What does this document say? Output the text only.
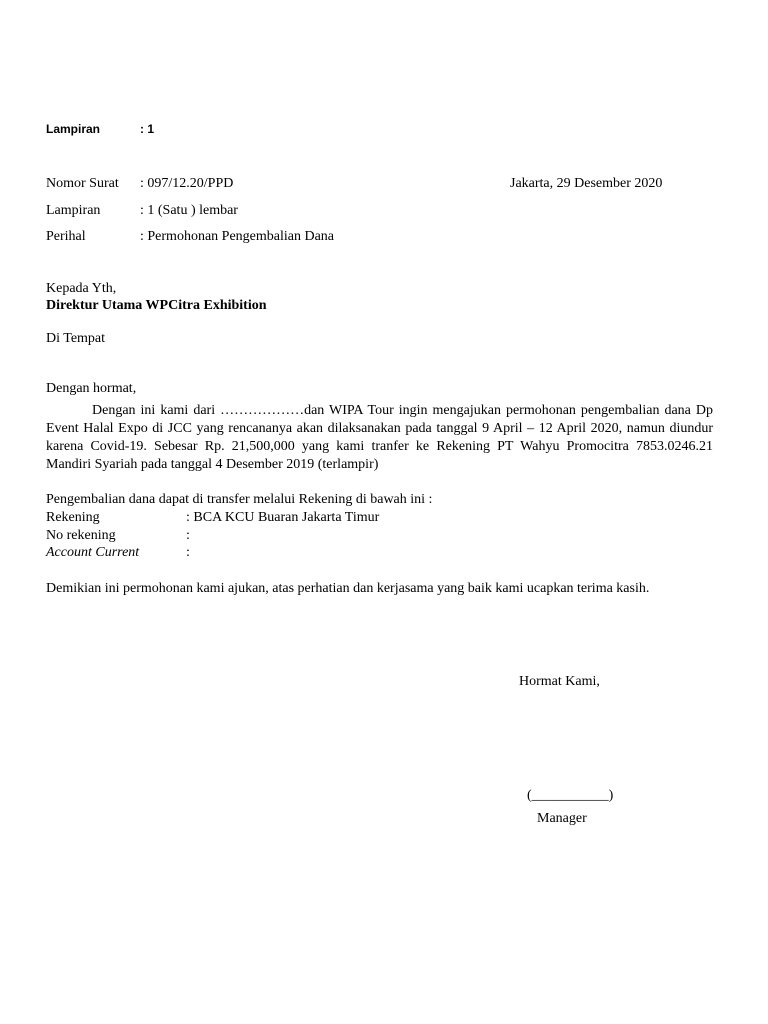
Lampiran	: 1
Nomor Surat : 097/12.20/PPD	Jakarta, 29 Desember 2020
Lampiran	: 1 (Satu ) lembar
Perihal	: Permohonan Pengembalian Dana
Kepada Yth,
Direktur Utama WPCitra Exhibition
Di Tempat
Dengan hormat,

Dengan ini kami dari ………………dan WIPA Tour ingin mengajukan permohonan pengembalian dana Dp Event Halal Expo di JCC yang rencananya akan dilaksanakan pada tanggal 9 April – 12 April 2020, namun diundur karena Covid-19. Sebesar Rp. 21,500,000 yang kami tranfer ke Rekening PT Wahyu Promocitra 7853.0246.21 Mandiri Syariah pada tanggal 4 Desember 2019 (terlampir)

Pengembalian dana dapat di transfer melalui Rekening di bawah ini :
Rekening	: BCA KCU Buaran Jakarta Timur
No rekening	:
Account Current	:
Demikian ini permohonan kami ajukan, atas perhatian dan kerjasama yang baik kami ucapkan terima kasih.
Hormat Kami,
(___________)
Manager
